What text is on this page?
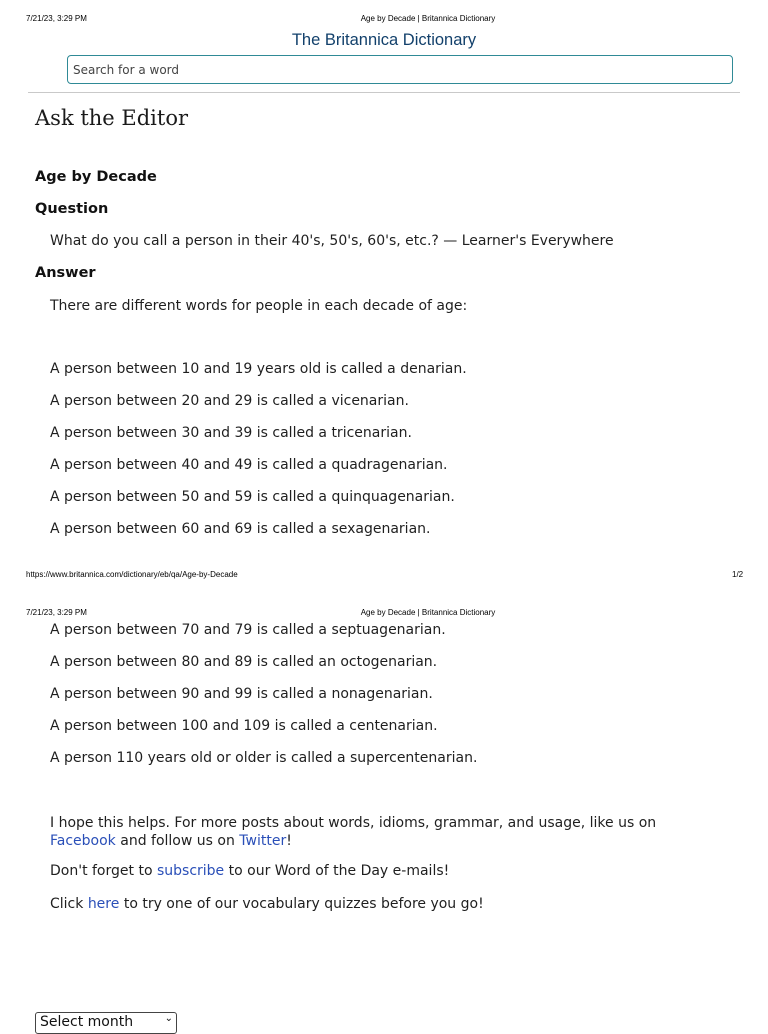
7/21/23, 3:29 PM	Age by Decade | Britannica Dictionary
The Britannica Dictionary
Search for a word
Ask the Editor
Age by Decade
Question
What do you call a person in their 40's, 50's, 60's, etc.? — Learner's Everywhere
Answer
There are different words for people in each decade of age:
A person between 10 and 19 years old is called a denarian.
A person between 20 and 29 is called a vicenarian.
A person between 30 and 39 is called a tricenarian.
A person between 40 and 49 is called a quadragenarian.
A person between 50 and 59 is called a quinquagenarian.
A person between 60 and 69 is called a sexagenarian.
https://www.britannica.com/dictionary/eb/qa/Age-by-Decade	1/2
7/21/23, 3:29 PM	Age by Decade | Britannica Dictionary
A person between 70 and 79 is called a septuagenarian.
A person between 80 and 89 is called an octogenarian.
A person between 90 and 99 is called a nonagenarian.
A person between 100 and 109 is called a centenarian.
A person 110 years old or older is called a supercentenarian.
I hope this helps. For more posts about words, idioms, grammar, and usage, like us on Facebook and follow us on Twitter!
Don't forget to subscribe to our Word of the Day e-mails!
Click here to try one of our vocabulary quizzes before you go!
Select month	⌄
